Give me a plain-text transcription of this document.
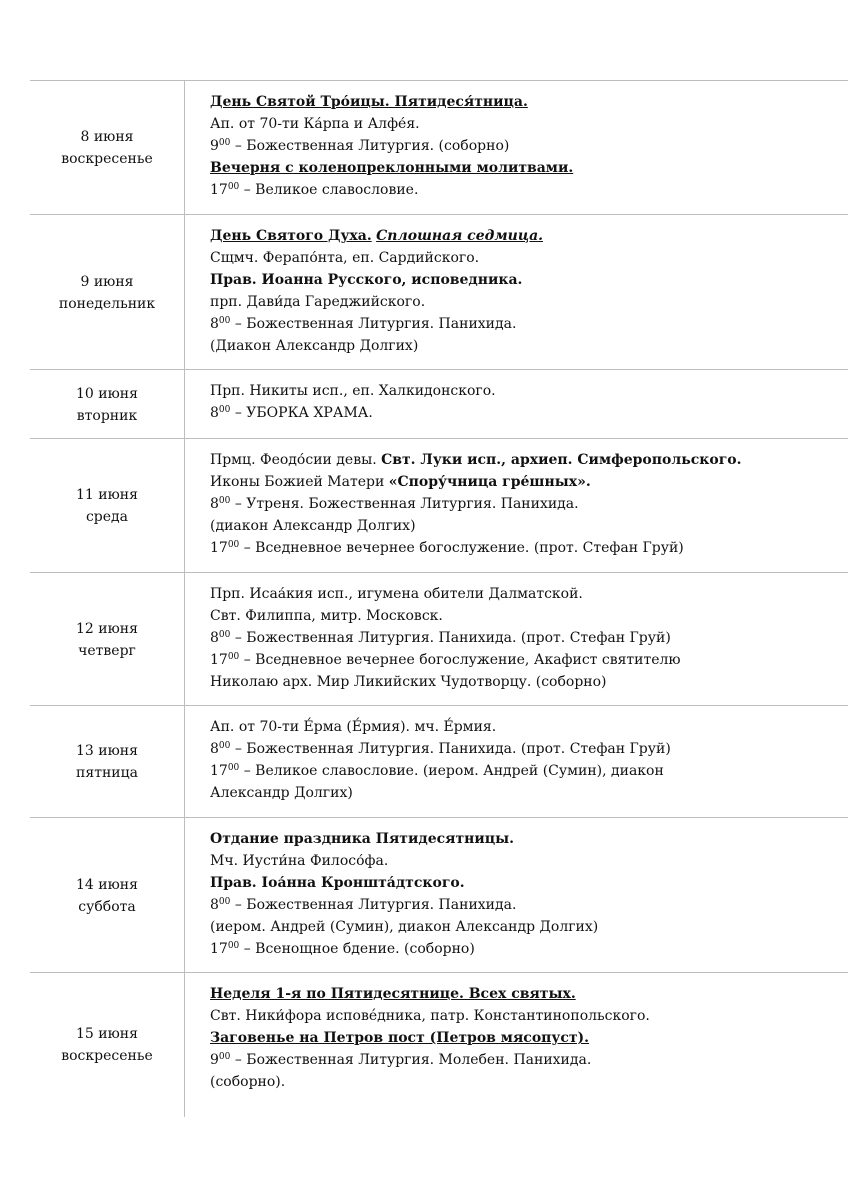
8 июня
воскресенье
День Святой Тро́ицы. Пятидеся́тница.
Ап. от 70-ти Ка́рпа и Алфе́я.
$9^{00}$ – Божественная Литургия. (соборно)
Вечерня с коленопреклонными молитвами.
$17^{00}$ – Великое славословие.
9 июня
понедельник
День Святого Духа. Сплошная седмица.
Сщмч. Ферапо́нта, еп. Сардийского.
Прав. Иоанна Русского, исповедника.
прп. Дави́да Гареджийского.
$8^{00}$ – Божественная Литургия. Панихида.
(Диакон Александр Долгих)
10 июня
вторник
Прп. Никиты исп., еп. Халкидонского.
$8^{00}$ – УБОРКА ХРАМА.
11 июня
среда
Прмц. Феодо́сии девы. Свт. Луки исп., архиеп. Симферопольского.
Иконы Божией Матери «Спору́чница гре́шных».
$8^{00}$ – Утреня. Божественная Литургия. Панихида.
(диакон Александр Долгих)
$17^{00}$ – Вседневное вечернее богослужение. (прот. Стефан Груй)
12 июня
четверг
Прп. Исаа́кия исп., игумена обители Далматской.
Свт. Филиппа, митр. Московск.
$8^{00}$ – Божественная Литургия. Панихида. (прот. Стефан Груй)
$17^{00}$ – Вседневное вечернее богослужение, Акафист святителю
Николаю арх. Мир Ликийских Чудотворцу. (соборно)
13 июня
пятница
Ап. от 70-ти Е́рма (Е́рмия). мч. Е́рмия.
$8^{00}$ – Божественная Литургия. Панихида. (прот. Стефан Груй)
$17^{00}$ – Великое славословие. (иером. Андрей (Сумин), диакон
Александр Долгих)
14 июня
суббота
Отдание праздника Пятидесятницы.
Мч. Иусти́на Филосо́фа.
Прав. Ioа́нна Кроншта́дтского.
$8^{00}$ – Божественная Литургия. Панихида.
(иером. Андрей (Сумин), диакон Александр Долгих)
$17^{00}$ – Всенощное бдение. (соборно)
15 июня
воскресенье
Неделя 1-я по Пятидесятнице. Всех святых.
Свт. Ники́фора исповéдника, патр. Константинопольского.
Заговенье на Петров пост (Петров мясопуст).
$9^{00}$ – Божественная Литургия. Молебен. Панихида.
(соборно).
